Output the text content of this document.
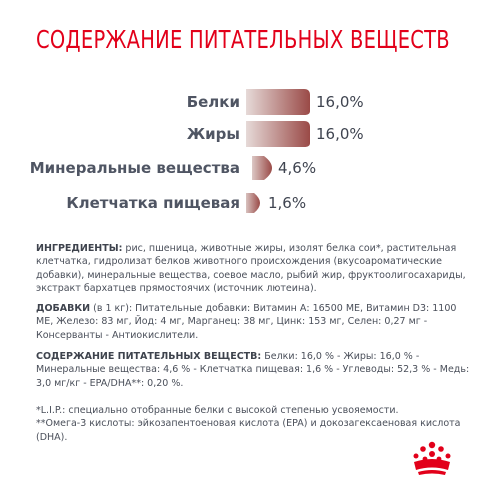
СОДЕРЖАНИЕ ПИТАТЕЛЬНЫХ ВЕЩЕСТВ
Белки	16,0%
Жиры	16,0%
Минеральные вещества	4,6%
Клетчатка пищевая 1,6%
ИНГРЕДИЕНТЫ: рис, пшеница, животные жиры, изолят белка сои*, растительная клетчатка, гидролизат белков животного происхождения (вкусоароматические добавки), минеральные вещества, соевое масло, рыбий жир, фруктоолигосахариды, экстракт бархатцев прямостоячих (источник лютеина).
ДОБАВКИ (в 1 кг): Питательные добавки: Витамин А: 16500 МЕ, Витамин D3: 1100 МЕ, Железо: 83 мг, Йод: 4 мг, Марганец: 38 мг, Цинк: 153 мг, Селен: 0,27 мг - Консерванты - Антиокислители.
СОДЕРЖАНИЕ ПИТАТЕЛЬНЫХ ВЕЩЕСТВ: Белки: 16,0 % - Жиры: 16,0 % - Минеральные вещества: 4,6 % - Клетчатка пищевая: 1,6 % - Углеводы: 52,3 % - Медь: 3,0 мг/кг - EPA/DHA**: 0,20 %.
*L.I.P.: специально отобранные белки с высокой степенью усвояемости.
**Омега-3 кислоты: эйкозапентоеновая кислота (EPA) и докозагексаеновая кислота (DHA).
